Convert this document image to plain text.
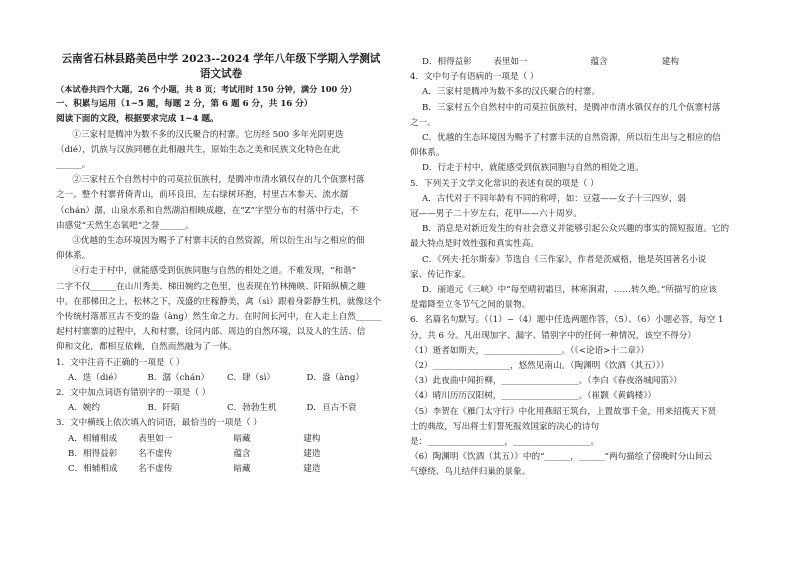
云南省石林县路美邑中学 2023--2024 学年八年级下学期入学测试
语文试卷

（本试卷共四个大题，26 个小题，共 8 页；考试用时 150 分钟，满分 100 分）

一、积累与运用（1~5 题，每题 2 分，第 6 题 6 分，共 16 分）

阅读下面的文段，根据要求完成 1~4 题。

①三家村是腾冲为数不多的汉氏聚合的村寨。它历经 500 多年光阴更迭

（dié），饥族与汉族同穗在此相融共生，原始生态之美和民族文化特色在此

______。

②三家村五个自然村中的司莫拉佤族村，是腾冲市清水镇仅存的几个佤寨村落

之一。整个村寨背倚青山，前环良田，左右绿树环抱，村里古木参天、流水潺

（chán）潺，山泉水系和自然湖泊相映成趣，在“Z”字型分布的村落中行走，不

由感觉“天然生态氧吧”之誉______。

③优越的生态环境因为赐予了村寨丰沃的自然资源，所以衍生出与之相应的佃

仰体系。

④行走于村中，就能感受到佤族同胞与自然的相处之道。不难发现，“和谐”

二字不仅______在山川秀美、梯田婉约之色里，也表现在竹林掩映、阡陌纵横之趣

中。在那梯田之上，松林之下，茂盛的庄稼静美，禽（sì）跟着身影静生机，就像这个

个传统村落那亘古不变的盎（àng）然生命之力。在时间长河中，在人走上自然______

起村村寨寨的过程中，人和村寨，诠同内部、周边的自然环境，以及人的生活、信

仰和文化，都相互依赖，自然而然融为了一体。

1．文中注音不正确的一项是（ ）

A．迭（dié）	B．潺（chán）	C．肆（sì）	D．盎（àng）

2．文中加点词语有错别字的一项是（ ）

A．婉约	B．阡陌	C．勃勃生机	D．亘古不衰

3．文中横线上依次填入的词语，最恰当的一项是（ ）

A．相辅相成	表里如一	暗藏	建构
B．相得益彰	名不虚传	蕴含	建造
C．相辅相成	名不虚传	暗藏	建造
D．相得益彰	表里如一	蕴含	建构

4．文中句子有语病的一项是（ ）

A．三家村是腾冲为数不多的汉氏聚合的村寨。

B．三家村五个自然村中的司莫拉佤族村，是腾冲市清水镇仅存的几个佤寨村落

之一。

C．优越的生态环境因为赐予了村寨丰沃的自然资源，所以衍生出与之相应的信

仰体系。

D．行走于村中，就能感受到佤族同胞与自然的相处之道。

5．下列关于文学文化常识的表述有误的项是（ ）

A．古代对于不同年龄有不同的称呼，如：豆蔻——女子十三四岁，弱

冠——男子二十岁左右，花甲——六十周岁。

B．消息是对新近发生的有社会意义并能够引起公众兴趣的事实的简短报道。它的

最大特点是时效性强和真实性高。

C．《列夫·托尔斯泰》节选自《三作家》，作者是茨威格，他是英国著名小说

家、传记作家。

D．丽道元《三峡》中“每至晴初霜旦，林寒涧肃，……转久绝。”所描写的应该

是霜降至立冬节气之间的景物。

6．名篇名句默写。（（1）~（4）题中任选两题作答，（5）、（6）小题必答，每空 1

分，共 6 分。凡出现加字、漏字、错别字中的任何一种情况，该空不得分）

（1）逝者如斯夫，__________________。（《<论语>十二章》）

（2）__________________，悠然见南山。（陶渊明《饮酒（其五）》）

（3）此夜曲中闻折柳，__________________。（李白《春夜洛城闻笛》）

（4）晴川历历汉阳树，__________________。（崔颢《黄鹤楼》）

（5）李贺在《雁门太守行》中化用燕昭王筑台，上置故事千金，用来招揽天下贤

士的典故，写出将士们誓死报效国家的决心的诗句

是：__________________，__________________。

（6）陶渊明《饮酒（其五）》中的“______，______”两句描绘了傍晚时分山间云

气缭绕、鸟儿结伴归巢的景象。
